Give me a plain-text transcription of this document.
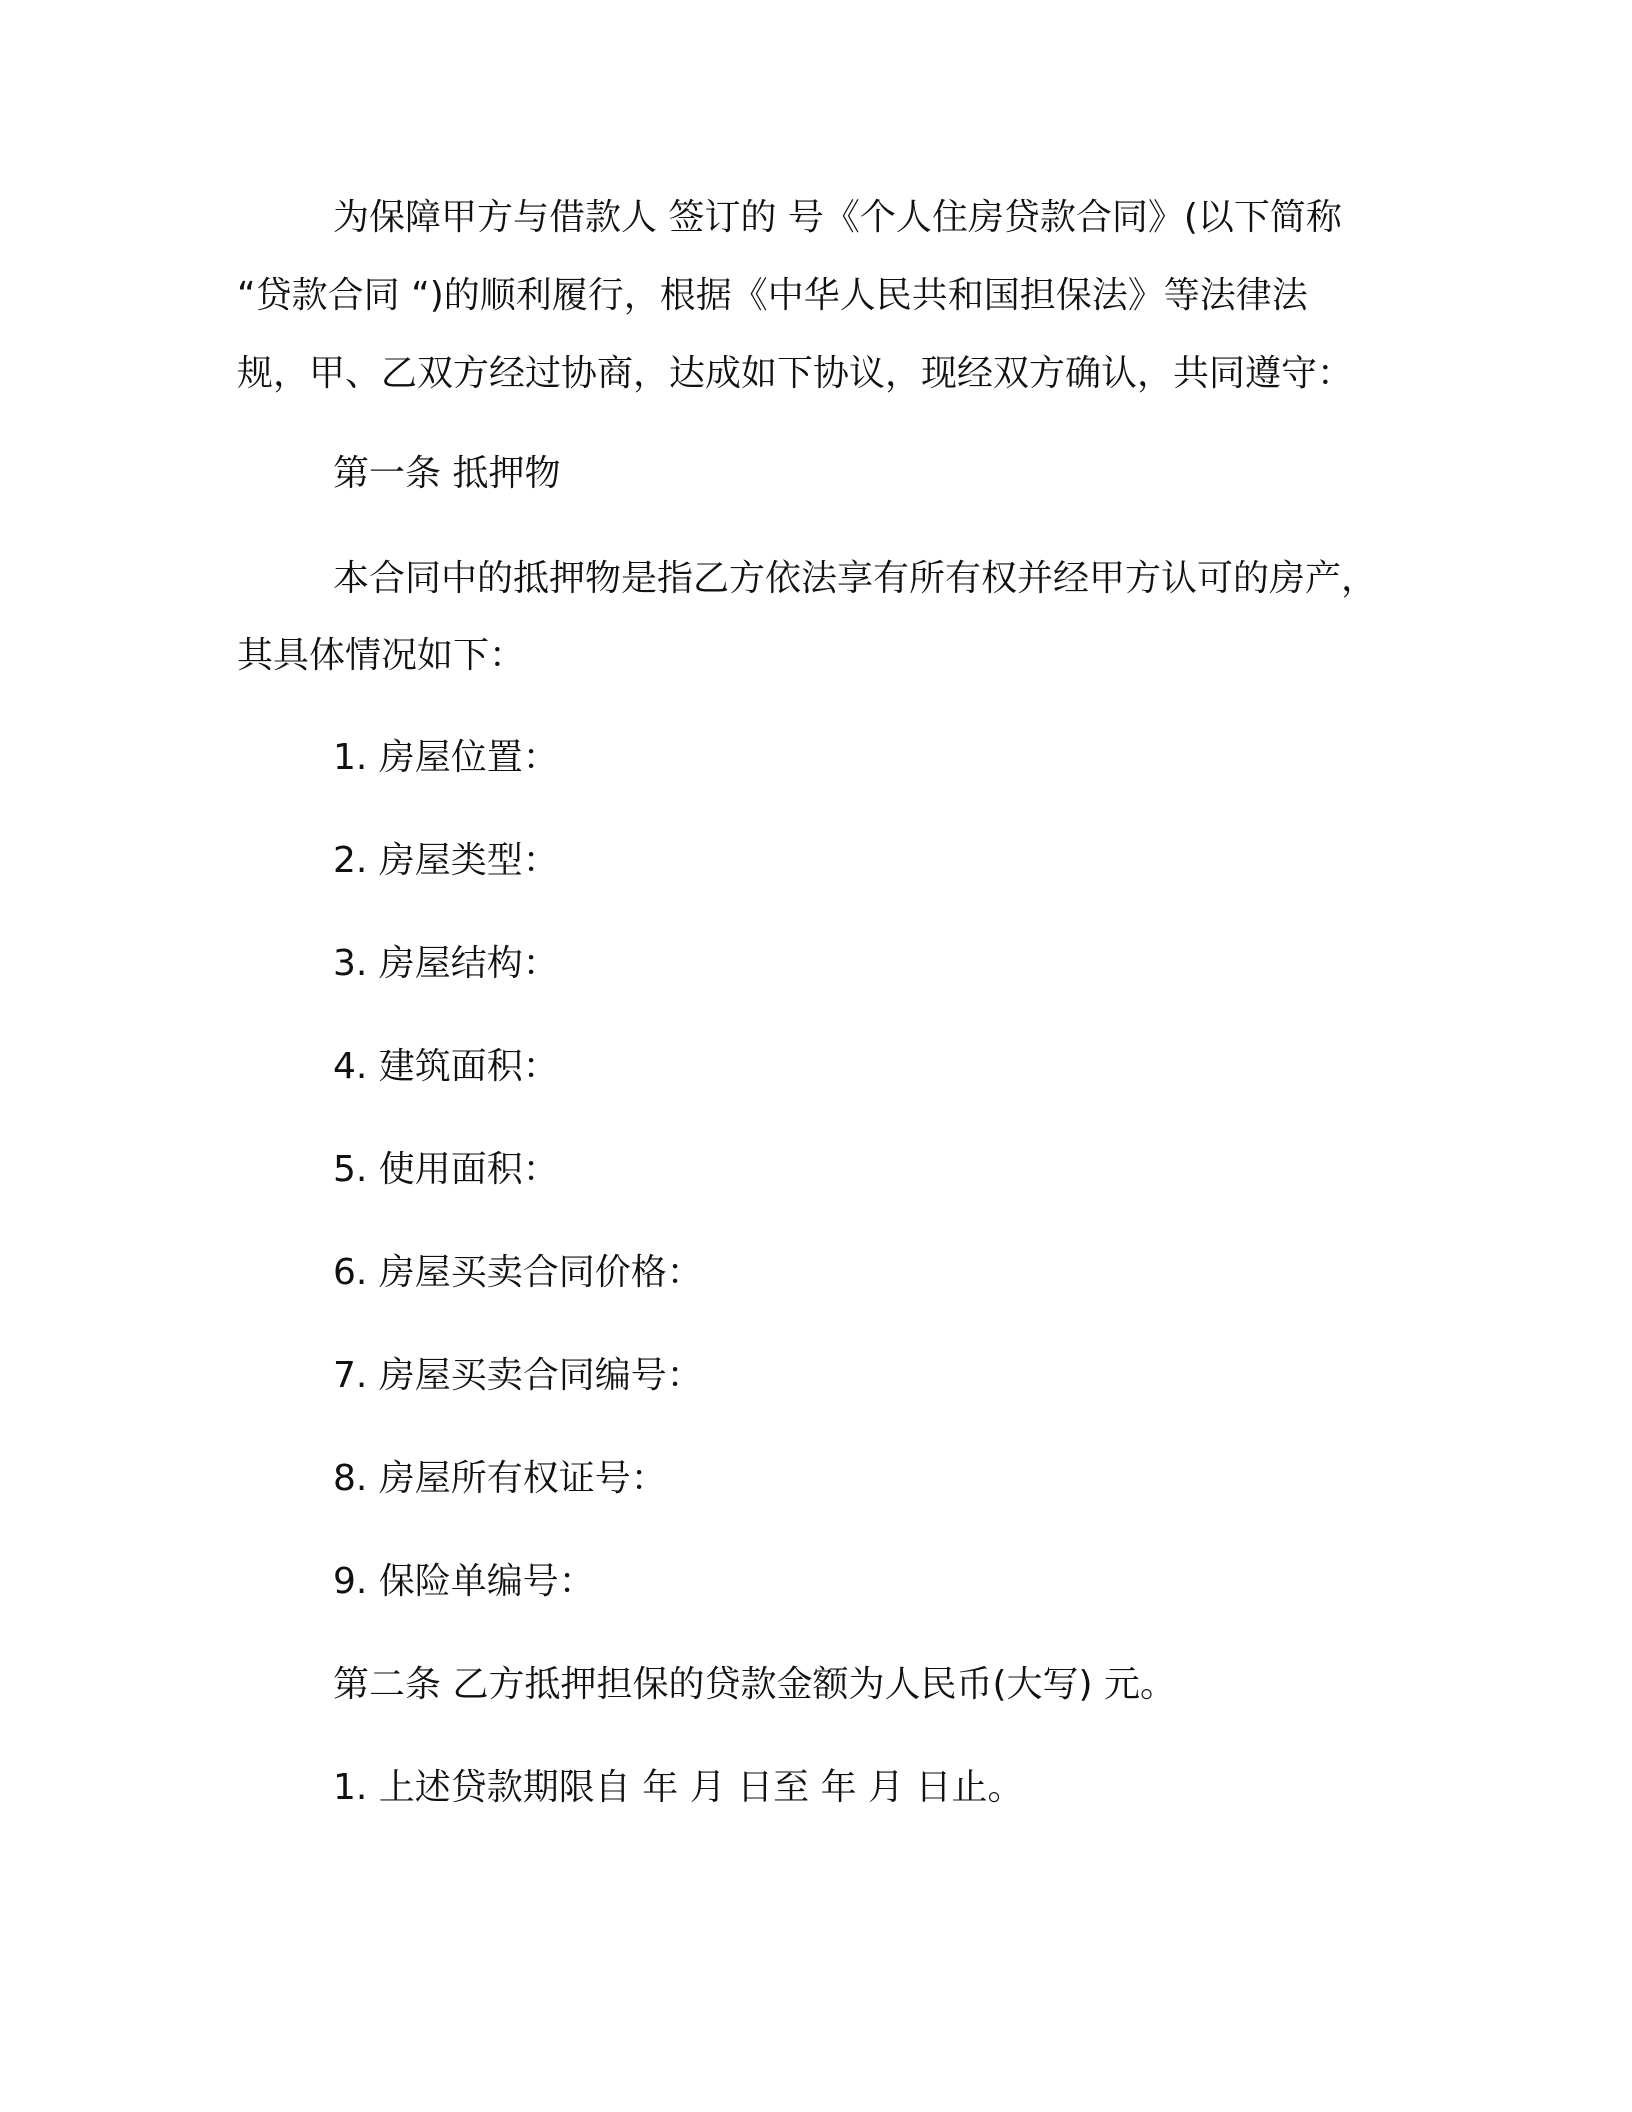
为保障甲方与借款人 签订的 号《个人住房贷款合同》(以下简称
“贷款合同 “)的顺利履行，根据《中华人民共和国担保法》等法律法
规，甲、乙双方经过协商，达成如下协议，现经双方确认，共同遵守：
第一条 抵押物
本合同中的抵押物是指乙方依法享有所有权并经甲方认可的房产，
其具体情况如下：
1. 房屋位置：
2. 房屋类型：
3. 房屋结构：
4. 建筑面积：
5. 使用面积：
6. 房屋买卖合同价格：
7. 房屋买卖合同编号：
8. 房屋所有权证号：
9. 保险单编号：
第二条 乙方抵押担保的贷款金额为人民币(大写) 元。
1. 上述贷款期限自 年 月 日至 年 月 日止。
